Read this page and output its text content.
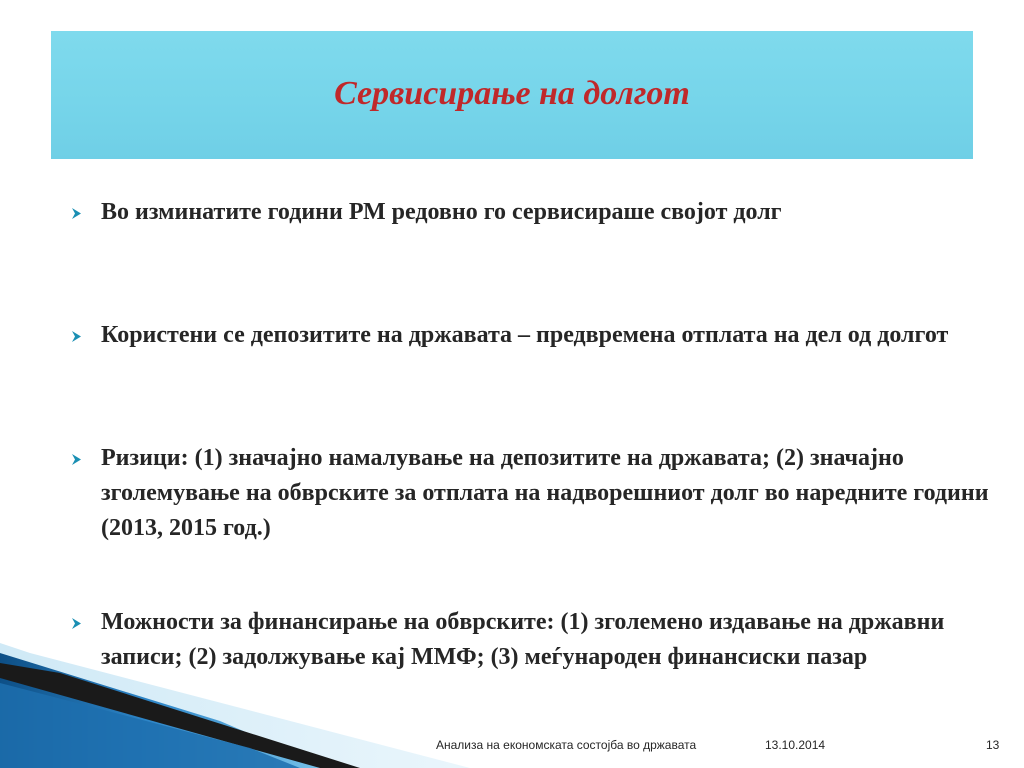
Сервисирање на долгот
Во изминатите години РМ редовно го сервисираше својот долг
Користени се депозитите на државата – предвремена отплата на дел од долгот
Ризици: (1) значајно намалување на депозитите на државата; (2) значајно зголемување на обврските за отплата на надворешниот долг во наредните години (2013, 2015 год.)
Можности за финансирање на обврските: (1) зголемено издавање на државни записи; (2) задолжување кај ММФ; (3) меѓународен финансиски пазар
Анализа на економската состојба во државата	13.10.2014	13
